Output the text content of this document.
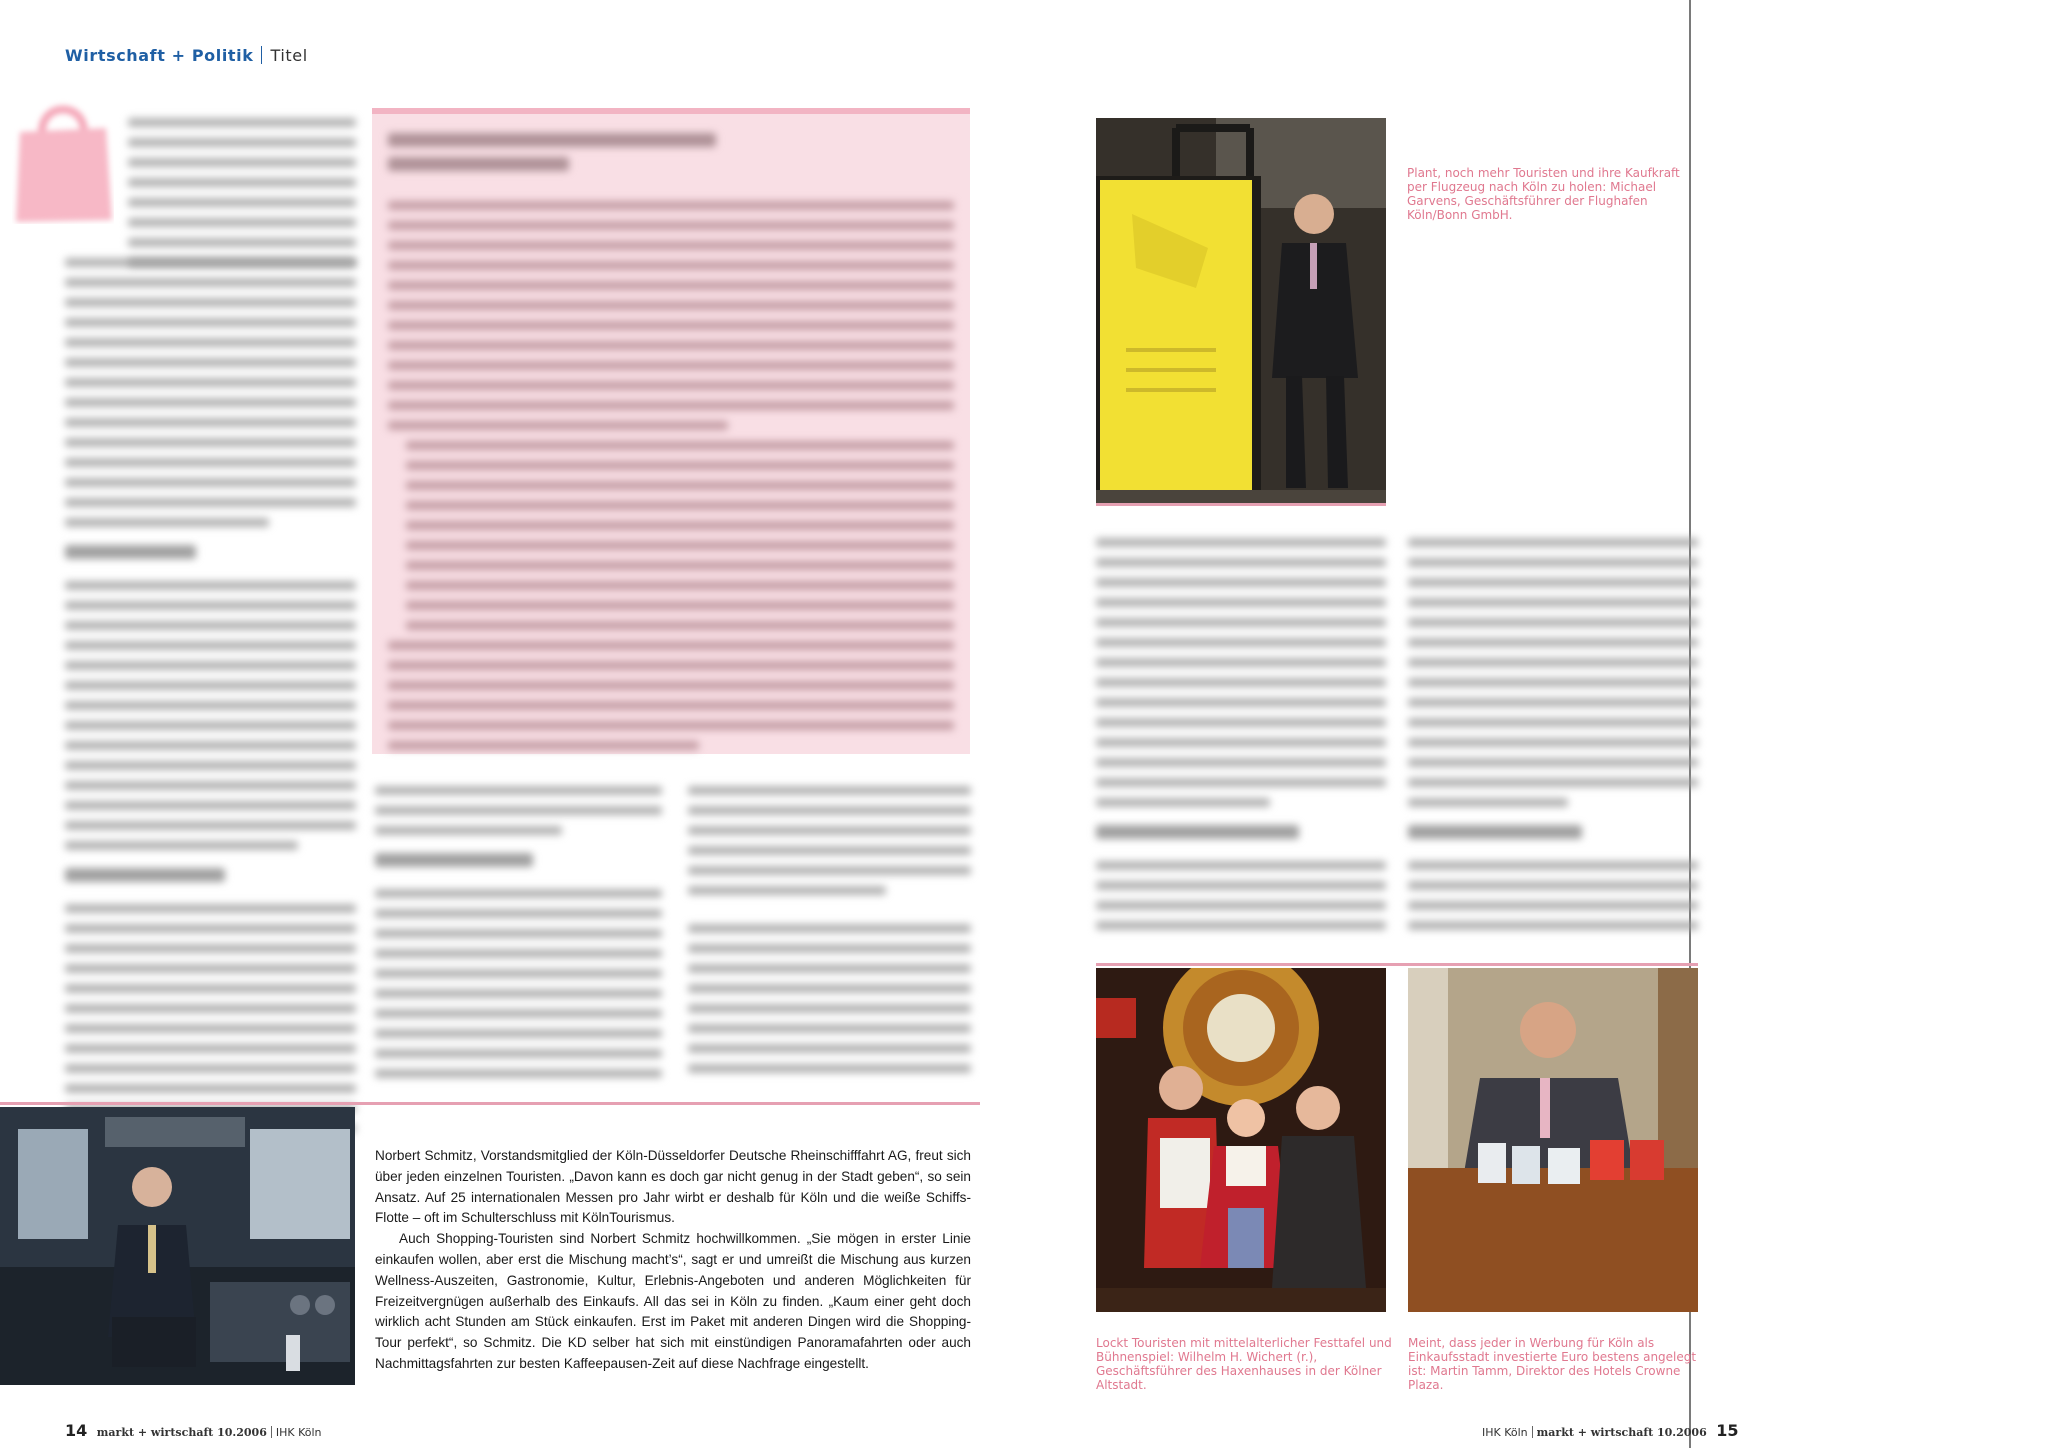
Wirtschaft + Politik Titel

Norbert Schmitz, Vorstandsmitglied der Köln-Düsseldorfer Deutsche Rheinschifffahrt AG, freut sich über jeden einzelnen Touristen. „Davon kann es doch gar nicht genug in der Stadt geben“, so sein Ansatz. Auf 25 internationalen Messen pro Jahr wirbt er deshalb für Köln und die weiße Schiffs-Flotte – oft im Schulterschluss mit KölnTourismus.

Auch Shopping-Touristen sind Norbert Schmitz hochwillkommen. „Sie mögen in erster Linie einkaufen wollen, aber erst die Mischung macht’s“, sagt er und umreißt die Mischung aus kurzen Wellness-Auszeiten, Gastronomie, Kultur, Erlebnis-Angeboten und anderen Möglichkeiten für Freizeitvergnügen außerhalb des Einkaufs. All das sei in Köln zu finden. „Kaum einer geht doch wirklich acht Stunden am Stück einkaufen. Erst im Paket mit anderen Dingen wird die Shopping-Tour perfekt“, so Schmitz. Die KD selber hat sich mit einstündigen Panoramafahrten oder auch Nachmittagsfahrten zur besten Kaffeepausen-Zeit auf diese Nachfrage eingestellt.

Plant, noch mehr Touristen und ihre Kaufkraft per Flugzeug nach Köln zu holen: Michael Garvens, Geschäftsführer der Flughafen Köln/Bonn GmbH.
Lockt Touristen mit mittelalterlicher Festtafel und Bühnenspiel: Wilhelm H. Wichert (r.), Geschäftsführer des Haxenhauses in der Kölner Altstadt.
Meint, dass jeder in Werbung für Köln als Einkaufsstadt investierte Euro bestens angelegt ist: Martin Tamm, Direktor des Hotels Crowne Plaza.
14 markt + wirtschaft 10.2006 IHK Köln	IHK Köln markt + wirtschaft 10.2006 15
